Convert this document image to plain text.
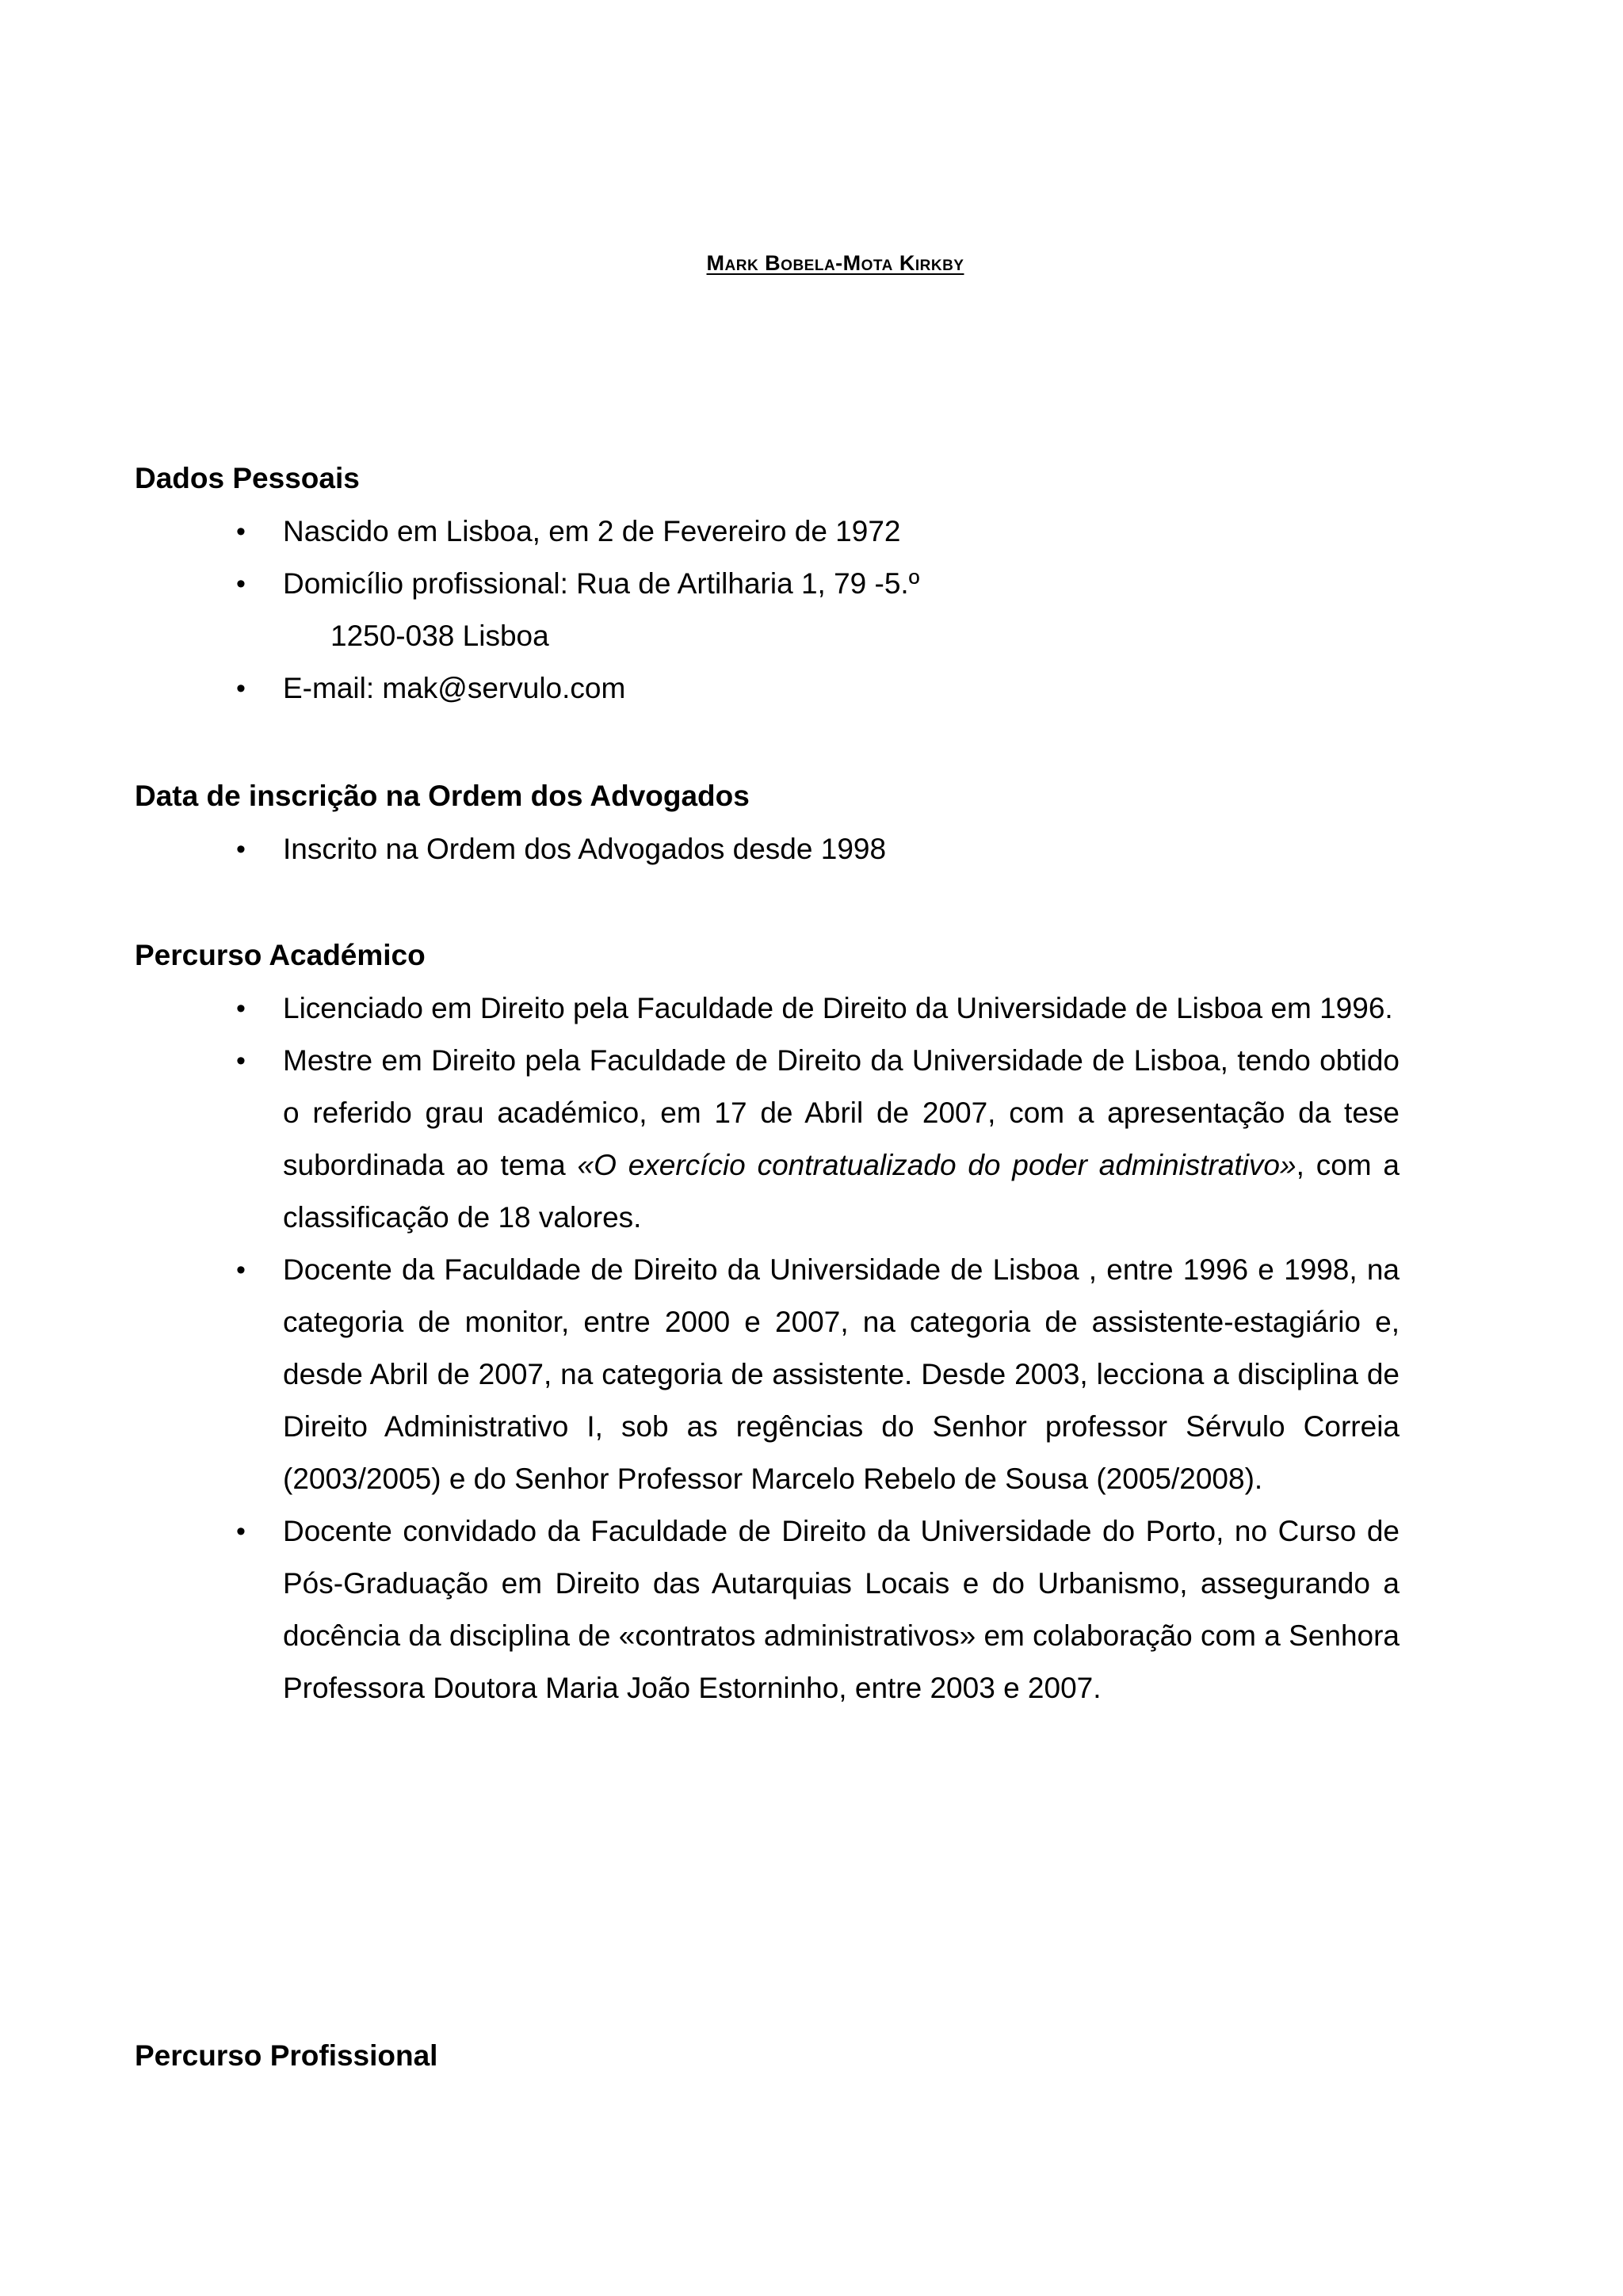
Mark Bobela-Mota Kirkby
Dados Pessoais
• Nascido em Lisboa, em 2 de Fevereiro de 1972
• Domicílio profissional: Rua de Artilharia 1, 79 -5.º
1250-038 Lisboa
• E-mail: mak@servulo.com
Data de inscrição na Ordem dos Advogados
• Inscrito na Ordem dos Advogados desde 1998
Percurso Académico
• Licenciado em Direito pela Faculdade de Direito da Universidade de Lisboa em 1996.
• Mestre em Direito pela Faculdade de Direito da Universidade de Lisboa, tendo obtido o referido grau académico, em 17 de Abril de 2007, com a apresentação da tese subordinada ao tema «O exercício contratualizado do poder administrativo», com a classificação de 18 valores.
• Docente da Faculdade de Direito da Universidade de Lisboa , entre 1996 e 1998, na categoria de monitor, entre 2000 e 2007, na categoria de assistente-estagiário e, desde Abril de 2007, na categoria de assistente. Desde 2003, lecciona a disciplina de Direito Administrativo I, sob as regências do Senhor professor Sérvulo Correia (2003/2005) e do Senhor Professor Marcelo Rebelo de Sousa (2005/2008).
• Docente convidado da Faculdade de Direito da Universidade do Porto, no Curso de Pós-Graduação em Direito das Autarquias Locais e do Urbanismo, assegurando a docência da disciplina de «contratos administrativos» em colaboração com a Senhora Professora Doutora Maria João Estorninho, entre 2003 e 2007.
Percurso Profissional
